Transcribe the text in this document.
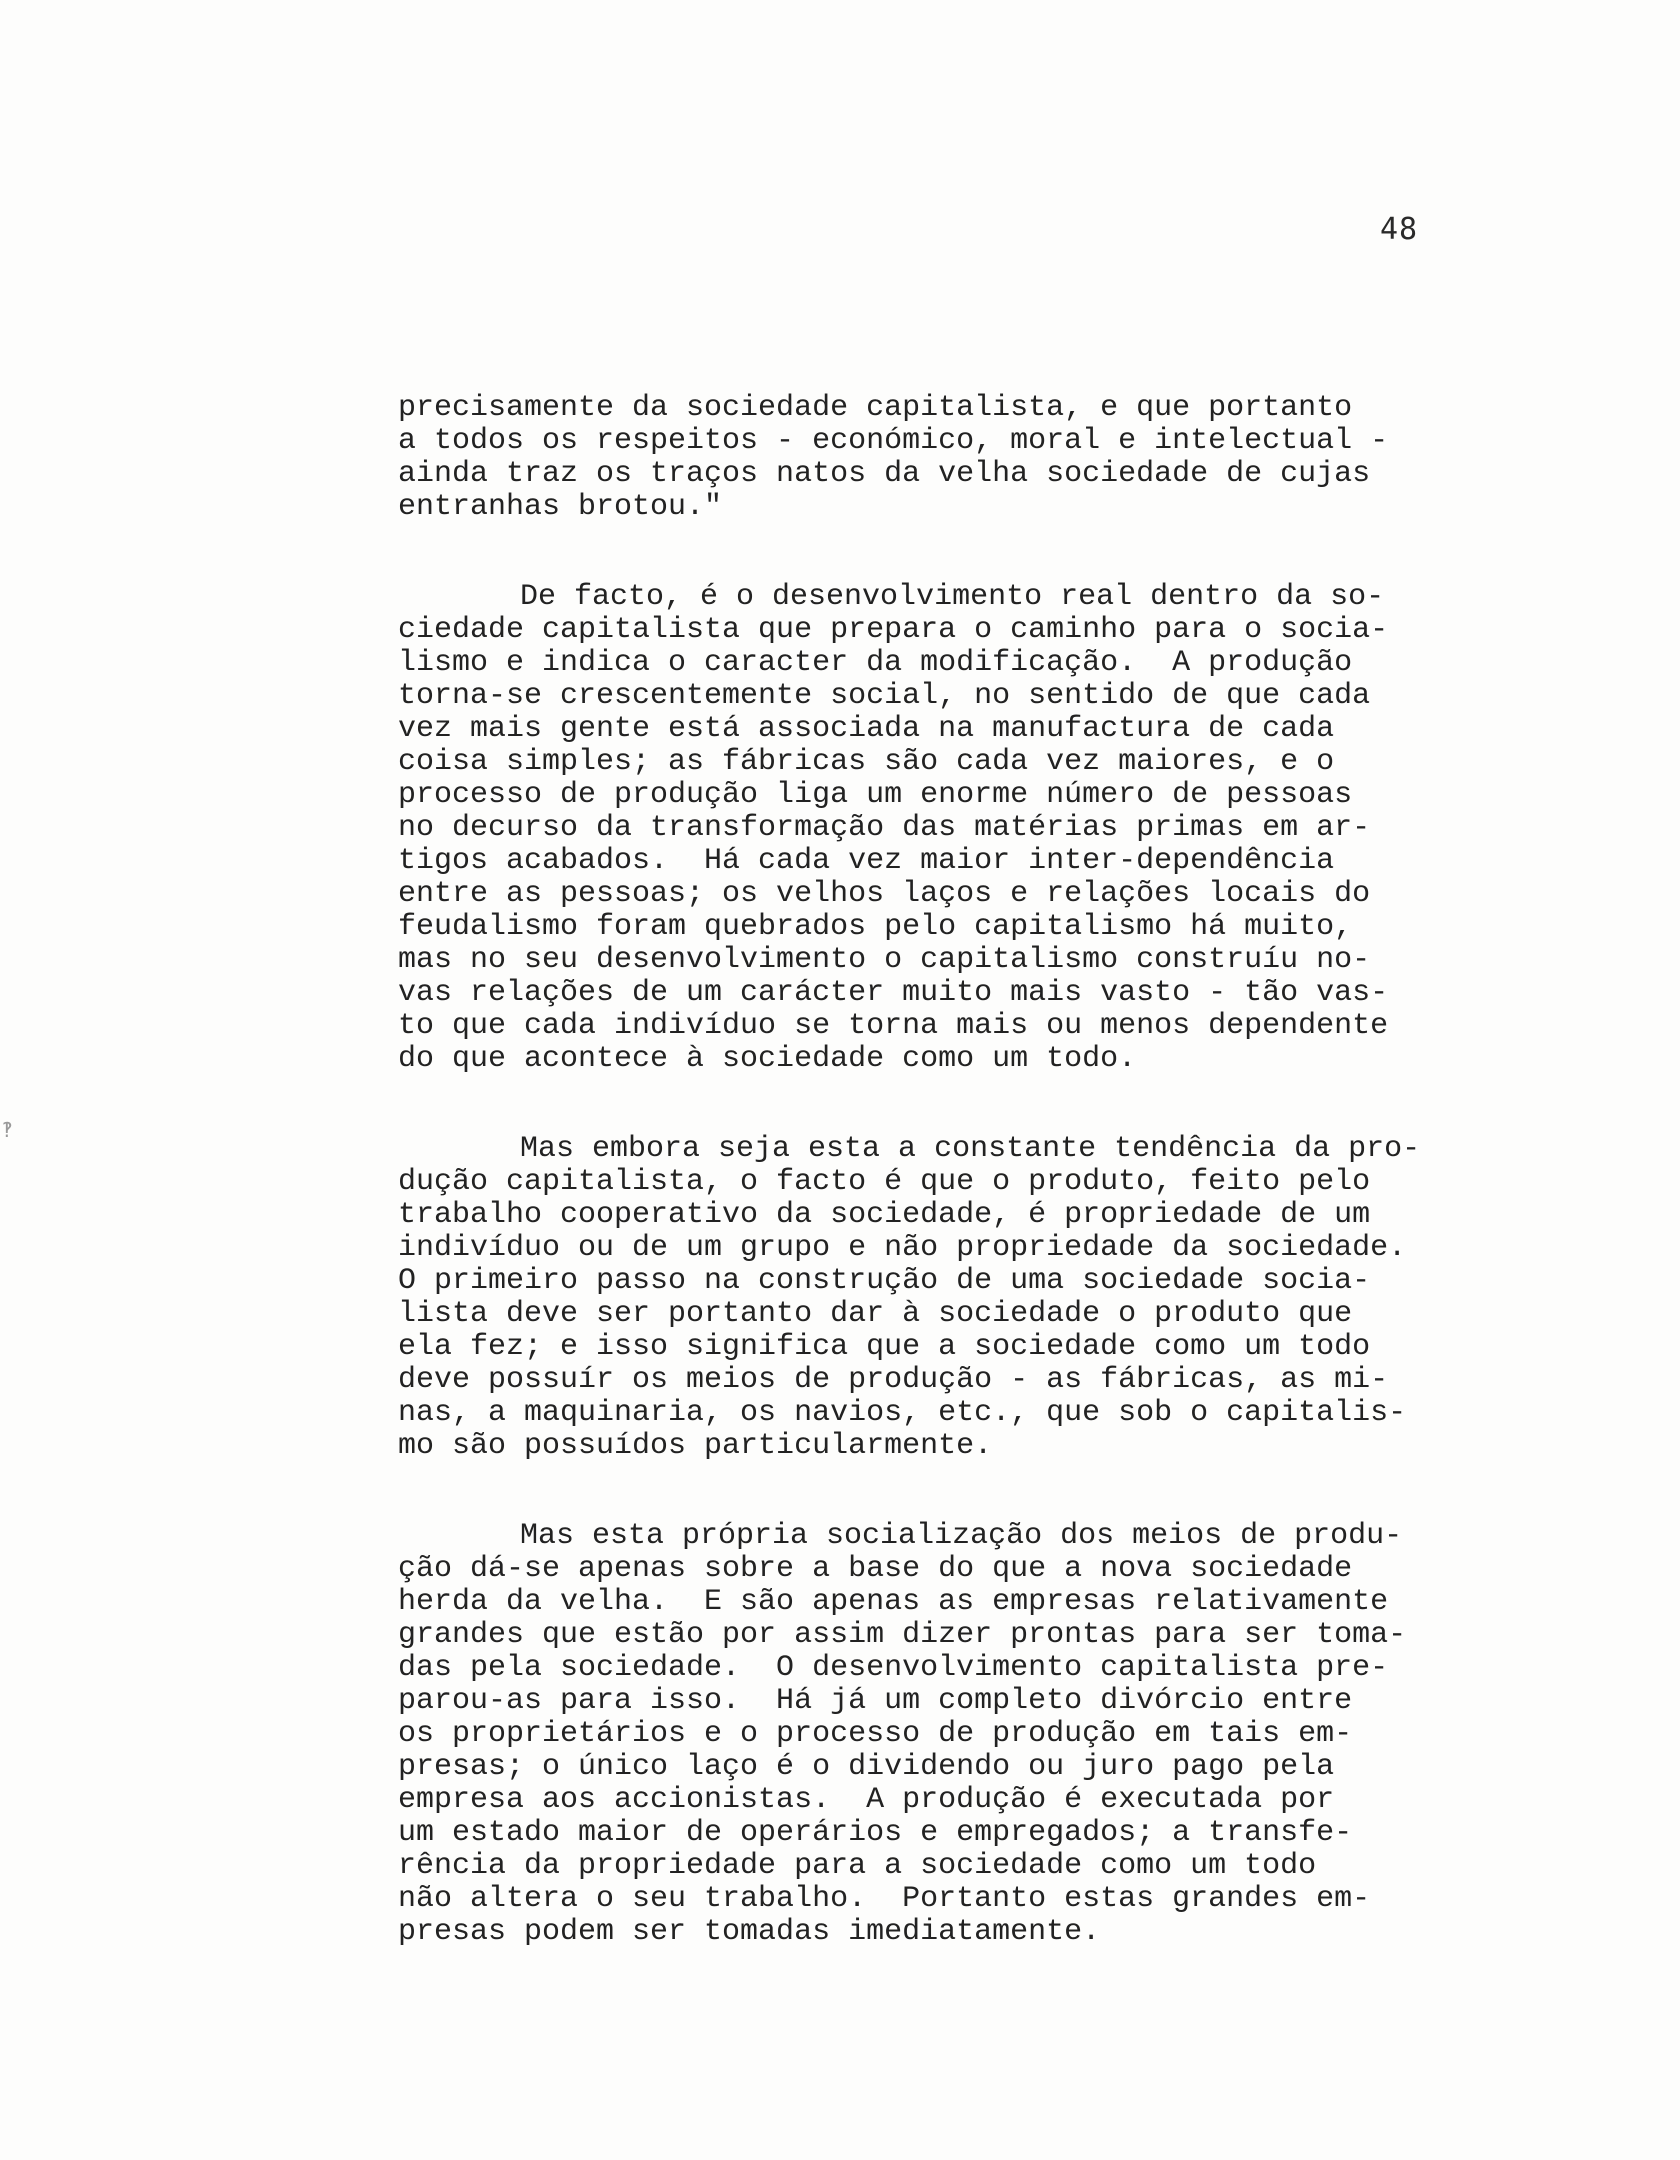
48
‽

precisamente da sociedade capitalista, e que portanto
a todos os respeitos - económico, moral e intelectual -
ainda traz os traços natos da velha sociedade de cujas
entranhas brotou."

De facto, é o desenvolvimento real dentro da so-
ciedade capitalista que prepara o caminho para o socia-
lismo e indica o caracter da modificação.  A produção
torna-se crescentemente social, no sentido de que cada
vez mais gente está associada na manufactura de cada
coisa simples; as fábricas são cada vez maiores, e o
processo de produção liga um enorme número de pessoas
no decurso da transformação das matérias primas em ar-
tigos acabados.  Há cada vez maior inter-dependência
entre as pessoas; os velhos laços e relações locais do
feudalismo foram quebrados pelo capitalismo há muito,
mas no seu desenvolvimento o capitalismo construíu no-
vas relações de um carácter muito mais vasto - tão vas-
to que cada indivíduo se torna mais ou menos dependente
do que acontece à sociedade como um todo.

Mas embora seja esta a constante tendência da pro-
dução capitalista, o facto é que o produto, feito pelo
trabalho cooperativo da sociedade, é propriedade de um
indivíduo ou de um grupo e não propriedade da sociedade.
O primeiro passo na construção de uma sociedade socia-
lista deve ser portanto dar à sociedade o produto que
ela fez; e isso significa que a sociedade como um todo
deve possuír os meios de produção - as fábricas, as mi-
nas, a maquinaria, os navios, etc., que sob o capitalis-
mo são possuídos particularmente.

Mas esta própria socialização dos meios de produ-
ção dá-se apenas sobre a base do que a nova sociedade
herda da velha.  E são apenas as empresas relativamente
grandes que estão por assim dizer prontas para ser toma-
das pela sociedade.  O desenvolvimento capitalista pre-
parou-as para isso.  Há já um completo divórcio entre
os proprietários e o processo de produção em tais em-
presas; o único laço é o dividendo ou juro pago pela
empresa aos accionistas.  A produção é executada por
um estado maior de operários e empregados; a transfe-
rência da propriedade para a sociedade como um todo
não altera o seu trabalho.  Portanto estas grandes em-
presas podem ser tomadas imediatamente.
